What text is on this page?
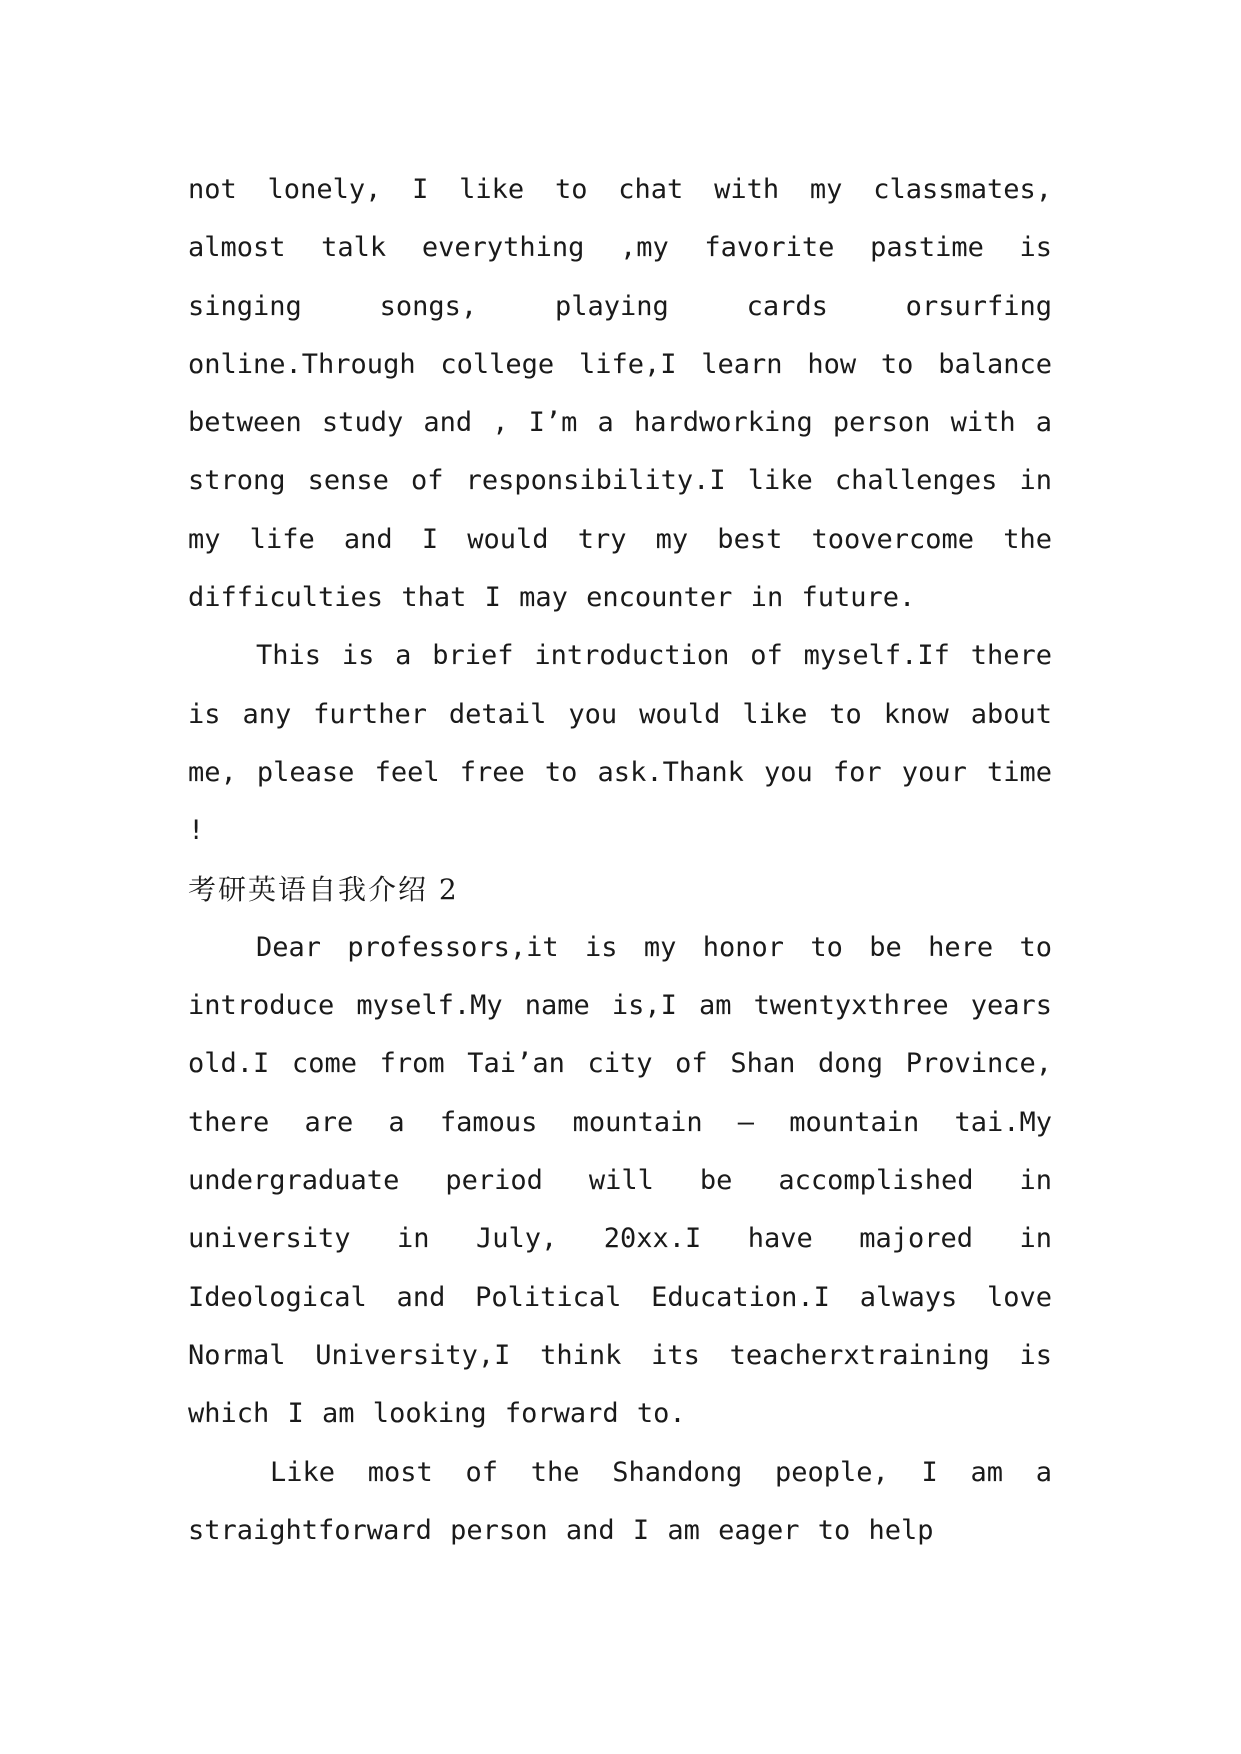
not lonely, I like to chat with my classmates, almost talk everything ,my favorite pastime is singing songs, playing cards orsurfing online.Through college life,I learn how to balance between study and , I’m a hardworking person with a strong sense of responsibility.I like challenges in my life and I would try my best toovercome the difficulties that I may encounter in future.

This is a brief introduction of myself.If there is any further detail you would like to know about me, please feel free to ask.Thank you for your time !

考研英语自我介绍 2

Dear professors,it is my honor to be here to introduce myself.My name is,I am twentyxthree years old.I come from Tai’an city of Shan dong Province, there are a famous mountain – mountain tai.My undergraduate period will be accomplished in university in July, 20xx.I have majored in Ideological and Political Education.I always love Normal University,I think its teacherxtraining is which I am looking forward to.

Like most of the Shandong people, I am a straightforward person and I am eager to help
